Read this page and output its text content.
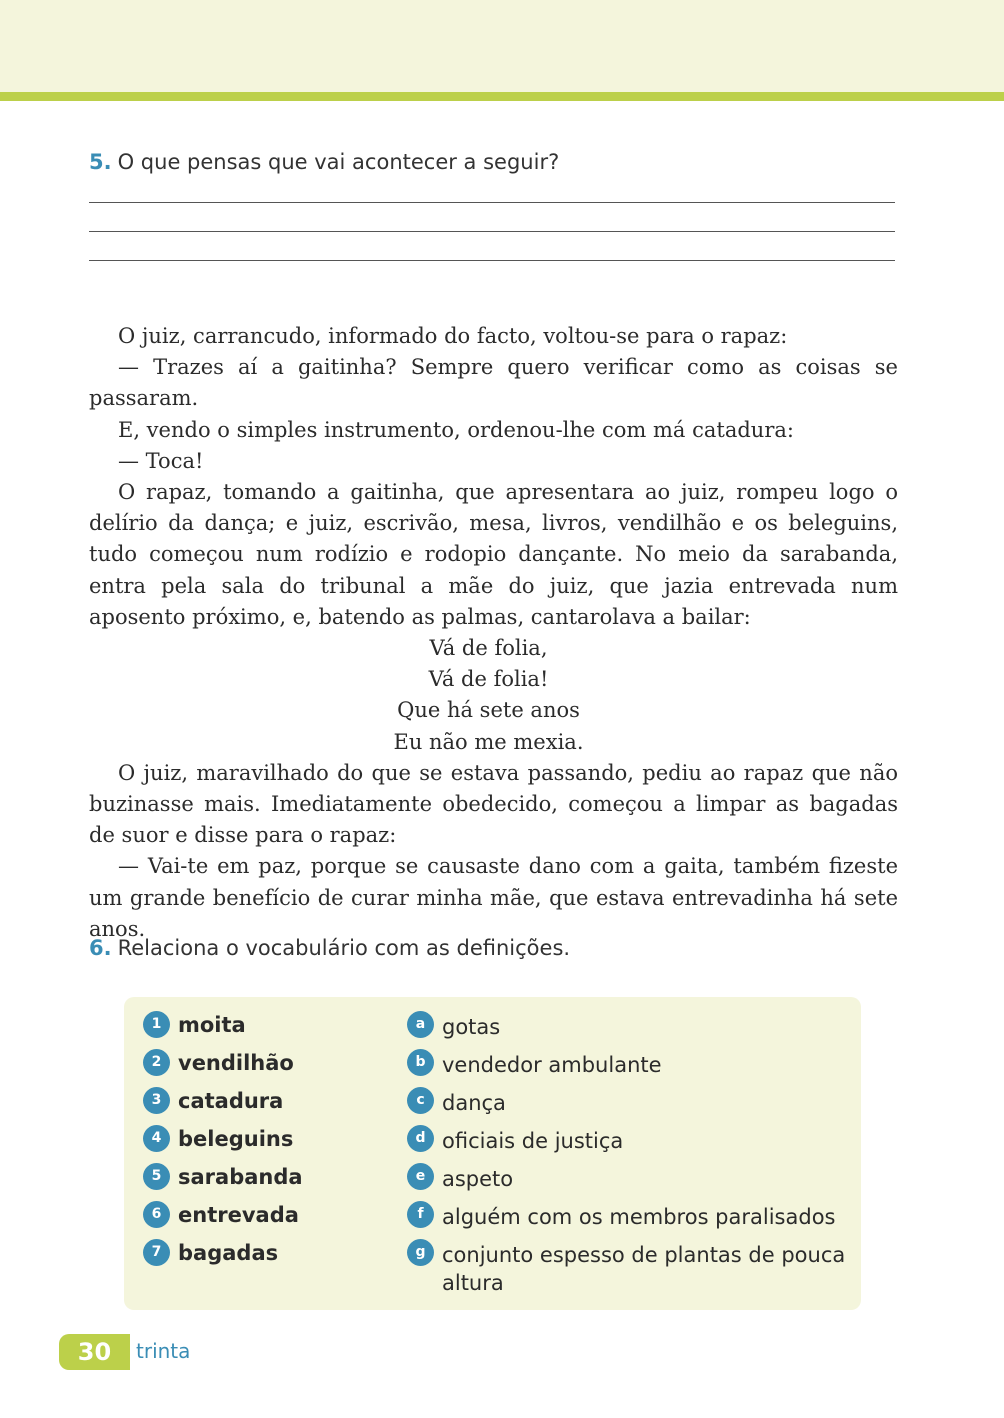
5. O que pensas que vai acontecer a seguir?

O juiz, carrancudo, informado do facto, voltou-se para o rapaz:

— Trazes aí a gaitinha? Sempre quero verificar como as coisas se passaram.

E, vendo o simples instrumento, ordenou-lhe com má catadura:

— Toca!

O rapaz, tomando a gaitinha, que apresentara ao juiz, rompeu logo o delírio da dança; e juiz, escrivão, mesa, livros, vendilhão e os beleguins, tudo começou num rodízio e rodopio dançante. No meio da sarabanda, entra pela sala do tribunal a mãe do juiz, que jazia entrevada num aposento próximo, e, batendo as palmas, cantarolava a bailar:

Vá de folia,

Vá de folia!

Que há sete anos

Eu não me mexia.

O juiz, maravilhado do que se estava passando, pediu ao rapaz que não buzinasse mais. Imediatamente obedecido, começou a limpar as bagadas de suor e disse para o rapaz:

— Vai-te em paz, porque se causaste dano com a gaita, também fizeste um grande benefício de curar minha mãe, que estava entrevadinha há sete anos.

6. Relaciona o vocabulário com as definições.
1 moita
2 vendilhão
3 catadura
4 beleguins
5 sarabanda
6 entrevada
7 bagadas
a gotas
b vendedor ambulante
c dança
d oficiais de justiça
e aspeto
f alguém com os membros paralisados
g conjunto espesso de plantas de pouca altura
30	trinta
